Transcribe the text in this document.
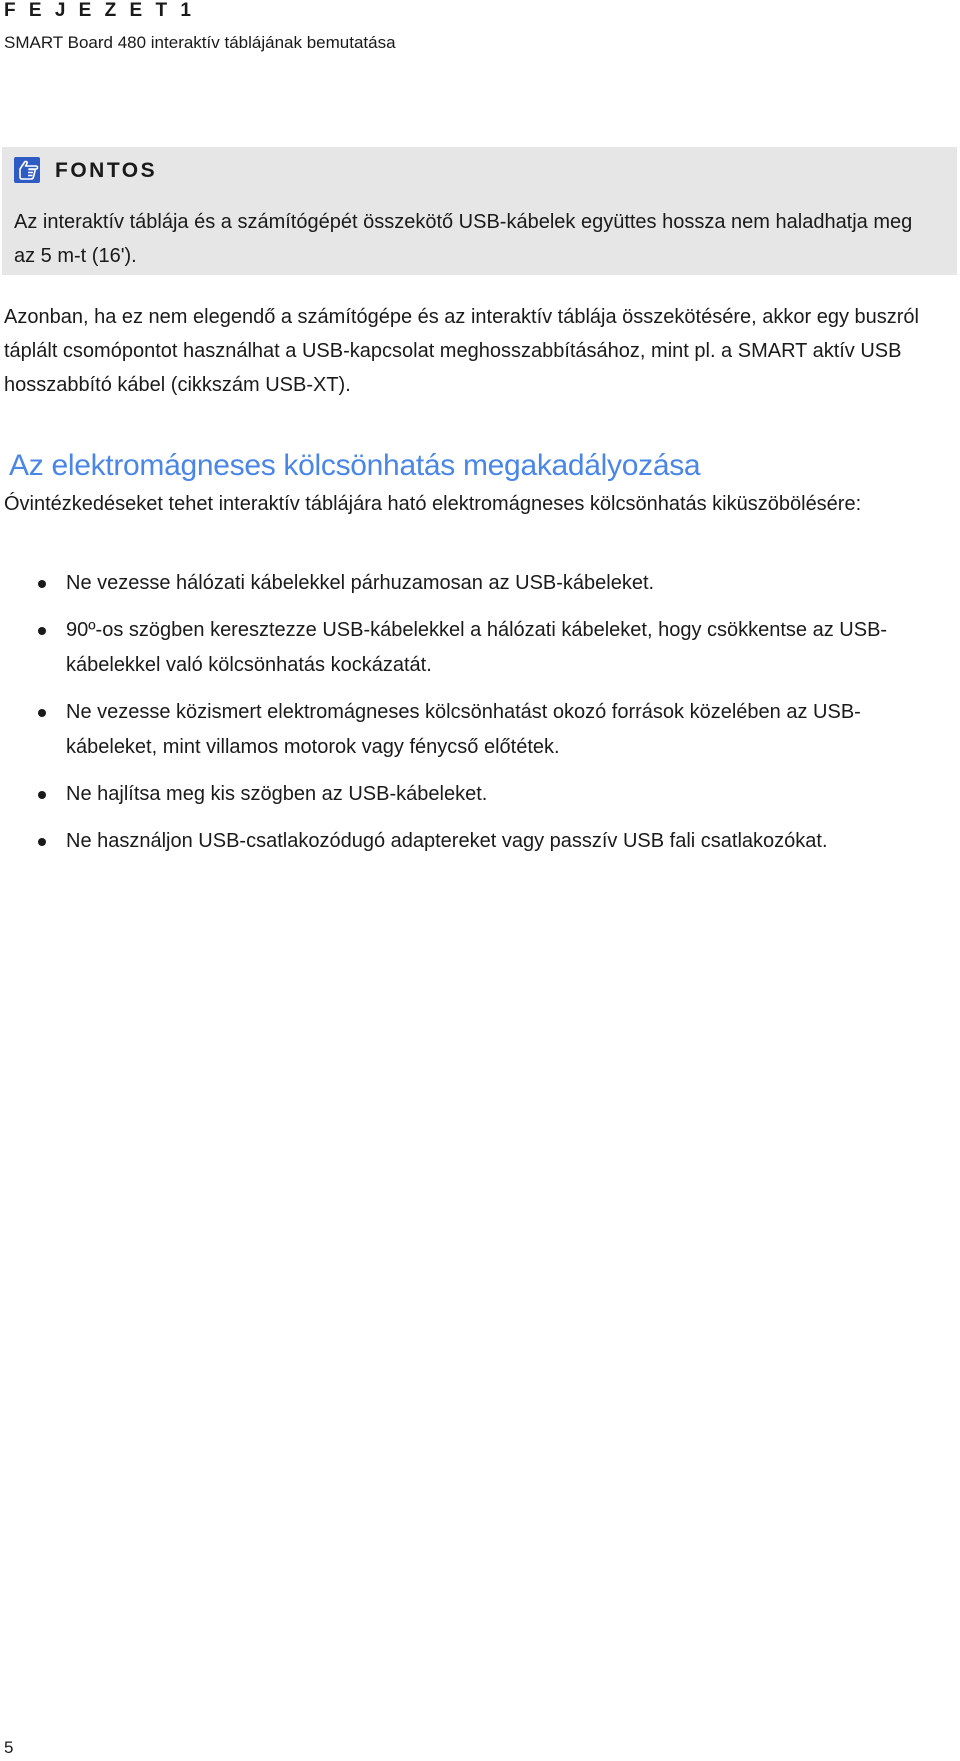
F E J E Z E T 1
SMART Board 480 interaktív táblájának bemutatása
FONTOS
Az interaktív táblája és a számítógépét összekötő USB-kábelek együttes hossza nem haladhatja meg az 5 m-t (16').
Azonban, ha ez nem elegendő a számítógépe és az interaktív táblája összekötésére, akkor egy buszról táplált csomópontot használhat a USB-kapcsolat meghosszabbításához, mint pl. a SMART aktív USB hosszabbító kábel (cikkszám USB-XT).
Az elektromágneses kölcsönhatás megakadályozása
Óvintézkedéseket tehet interaktív táblájára ható elektromágneses kölcsönhatás kiküszöbölésére:
Ne vezesse hálózati kábelekkel párhuzamosan az USB-kábeleket.
90º-os szögben keresztezze USB-kábelekkel a hálózati kábeleket, hogy csökkentse az USB-kábelekkel való kölcsönhatás kockázatát.
Ne vezesse közismert elektromágneses kölcsönhatást okozó források közelében az USB-kábeleket, mint villamos motorok vagy fénycső előtétek.
Ne hajlítsa meg kis szögben az USB-kábeleket.
Ne használjon USB-csatlakozódugó adaptereket vagy passzív USB fali csatlakozókat.
5
